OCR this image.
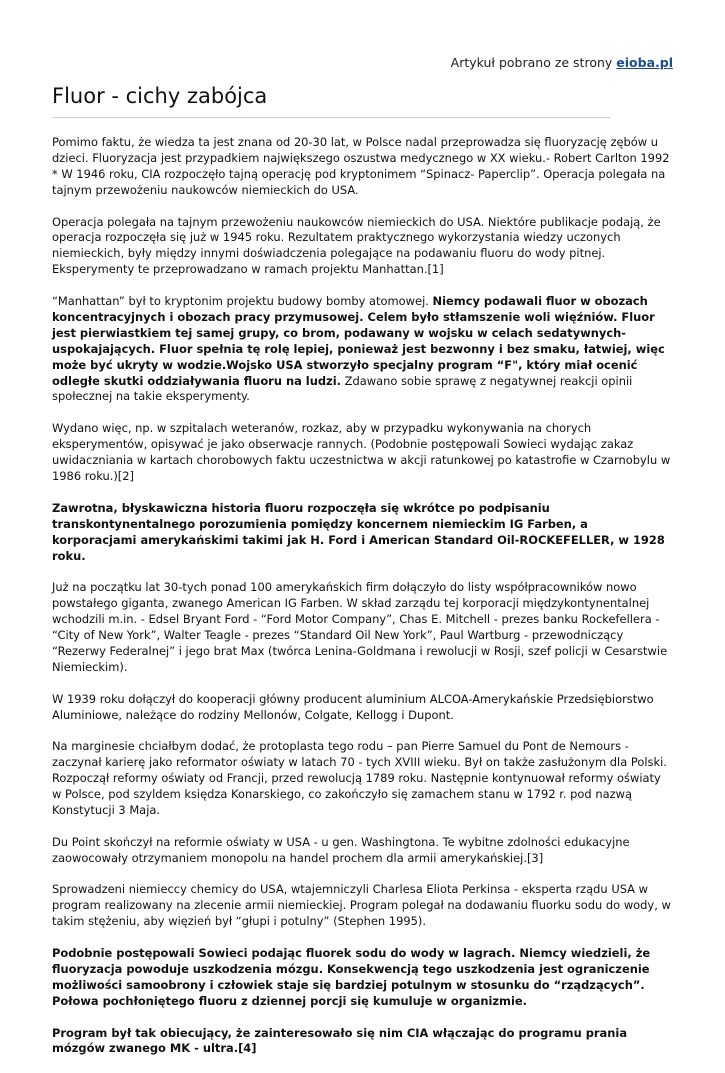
Artykuł pobrano ze strony eioba.pl
Fluor - cichy zabójca

Pomimo faktu, że wiedza ta jest znana od 20-30 lat, w Polsce nadal przeprowadza się fluoryzację zębów u dzieci. Fluoryzacja jest przypadkiem największego oszustwa medycznego w XX wieku.- Robert Carlton 1992 * W 1946 roku, CIA rozpoczęło tajną operację pod kryptonimem “Spinacz- Paperclip”. Operacja polegała na tajnym przewożeniu naukowców niemieckich do USA.

Operacja polegała na tajnym przewożeniu naukowców niemieckich do USA. Niektóre publikacje podają, że operacja rozpoczęła się już w 1945 roku. Rezultatem praktycznego wykorzystania wiedzy uczonych niemieckich, były między innymi doświadczenia polegające na podawaniu fluoru do wody pitnej. Eksperymenty te przeprowadzano w ramach projektu Manhattan.[1]

“Manhattan” był to kryptonim projektu budowy bomby atomowej. Niemcy podawali fluor w obozach koncentracyjnych i obozach pracy przymusowej. Celem było stłamszenie woli więźniów. Fluor jest pierwiastkiem tej samej grupy, co brom, podawany w wojsku w celach sedatywnych- uspokajających. Fluor spełnia tę rolę lepiej, ponieważ jest bezwonny i bez smaku, łatwiej, więc może być ukryty w wodzie.Wojsko USA stworzyło specjalny program “F", który miał ocenić odległe skutki oddziaływania fluoru na ludzi. Zdawano sobie sprawę z negatywnej reakcji opinii społecznej na takie eksperymenty.

Wydano więc, np. w szpitalach weteranów, rozkaz, aby w przypadku wykonywania na chorych eksperymentów, opisywać je jako obserwacje rannych. (Podobnie postępowali Sowieci wydając zakaz uwidaczniania w kartach chorobowych faktu uczestnictwa w akcji ratunkowej po katastrofie w Czarnobylu w 1986 roku.)[2]

Zawrotna, błyskawiczna historia fluoru rozpoczęła się wkrótce po podpisaniu transkontynentalnego porozumienia pomiędzy koncernem niemieckim IG Farben, a korporacjami amerykańskimi takimi jak H. Ford i American Standard Oil-ROCKEFELLER, w 1928 roku.

Już na początku lat 30-tych ponad 100 amerykańskich firm dołączyło do listy współpracowników nowo powstałego giganta, zwanego American IG Farben. W skład zarządu tej korporacji międzykontynentalnej wchodzili m.in. - Edsel Bryant Ford - “Ford Motor Company”, Chas E. Mitchell - prezes banku Rockefellera - “City of New York”, Walter Teagle - prezes “Standard Oil New York”, Paul Wartburg - przewodniczący “Rezerwy Federalnej” i jego brat Max (twórca Lenina-Goldmana i rewolucji w Rosji, szef policji w Cesarstwie Niemieckim).

W 1939 roku dołączył do kooperacji główny producent aluminium ALCOA-Amerykańskie Przedsiębiorstwo Aluminiowe, należące do rodziny Mellonów, Colgate, Kellogg i Dupont.

Na marginesie chciałbym dodać, że protoplasta tego rodu – pan Pierre Samuel du Pont de Nemours - zaczynał karierę jako reformator oświaty w latach 70 - tych XVIII wieku. Był on także zasłużonym dla Polski. Rozpoczął reformy oświaty od Francji, przed rewolucją 1789 roku. Następnie kontynuował reformy oświaty w Polsce, pod szyldem księdza Konarskiego, co zakończyło się zamachem stanu w 1792 r. pod nazwą Konstytucji 3 Maja.

Du Point skończył na reformie oświaty w USA - u gen. Washingtona. Te wybitne zdolności edukacyjne zaowocowały otrzymaniem monopolu na handel prochem dla armii amerykańskiej.[3]

Sprowadzeni niemieccy chemicy do USA, wtajemniczyli Charlesa Eliota Perkinsa - eksperta rządu USA w program realizowany na zlecenie armii niemieckiej. Program polegał na dodawaniu fluorku sodu do wody, w takim stężeniu, aby więzień był “głupi i potulny” (Stephen 1995).

Podobnie postępowali Sowieci podając fluorek sodu do wody w lagrach. Niemcy wiedzieli, że fluoryzacja powoduje uszkodzenia mózgu. Konsekwencją tego uszkodzenia jest ograniczenie możliwości samoobrony i człowiek staje się bardziej potulnym w stosunku do “rządzących”. Połowa pochłoniętego fluoru z dziennej porcji się kumuluje w organizmie.

Program był tak obiecujący, że zainteresowało się nim CIA włączając do programu prania mózgów zwanego MK - ultra.[4]
